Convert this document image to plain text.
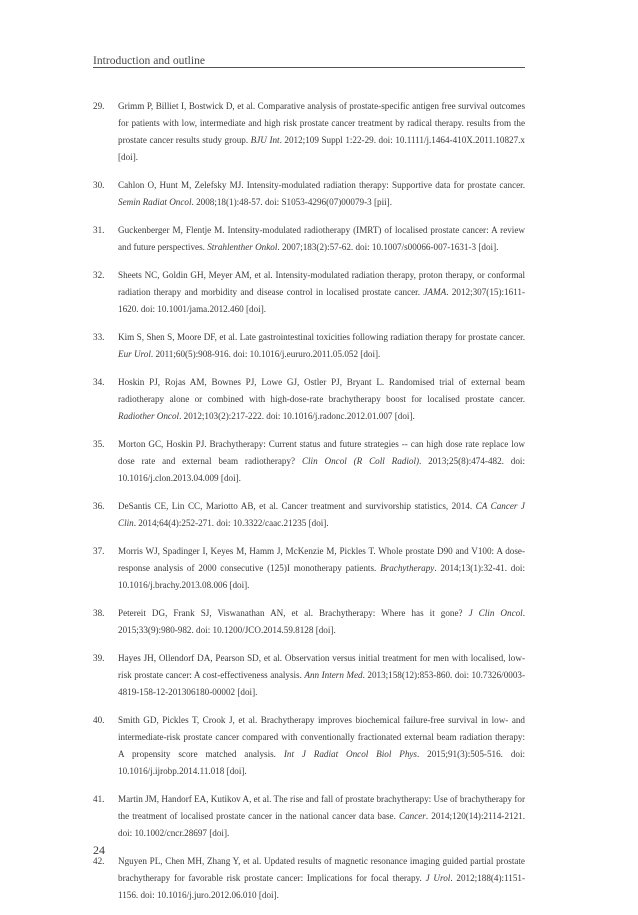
Introduction and outline
29.	Grimm P, Billiet I, Bostwick D, et al. Comparative analysis of prostate-specific antigen free survival outcomes for patients with low, intermediate and high risk prostate cancer treatment by radical therapy. results from the prostate cancer results study group. BJU Int. 2012;109 Suppl 1:22-29. doi: 10.1111/j.1464-410X.2011.10827.x [doi].
30.	Cahlon O, Hunt M, Zelefsky MJ. Intensity-modulated radiation therapy: Supportive data for prostate cancer. Semin Radiat Oncol. 2008;18(1):48-57. doi: S1053-4296(07)00079-3 [pii].
31.	Guckenberger M, Flentje M. Intensity-modulated radiotherapy (IMRT) of localised prostate cancer: A review and future perspectives. Strahlenther Onkol. 2007;183(2):57-62. doi: 10.1007/s00066-007-1631-3 [doi].
32.	Sheets NC, Goldin GH, Meyer AM, et al. Intensity-modulated radiation therapy, proton therapy, or conformal radiation therapy and morbidity and disease control in localised prostate cancer. JAMA. 2012;307(15):1611-1620. doi: 10.1001/jama.2012.460 [doi].
33.	Kim S, Shen S, Moore DF, et al. Late gastrointestinal toxicities following radiation therapy for prostate cancer. Eur Urol. 2011;60(5):908-916. doi: 10.1016/j.eururo.2011.05.052 [doi].
34.	Hoskin PJ, Rojas AM, Bownes PJ, Lowe GJ, Ostler PJ, Bryant L. Randomised trial of external beam radiotherapy alone or combined with high-dose-rate brachytherapy boost for localised prostate cancer. Radiother Oncol. 2012;103(2):217-222. doi: 10.1016/j.radonc.2012.01.007 [doi].
35.	Morton GC, Hoskin PJ. Brachytherapy: Current status and future strategies -- can high dose rate replace low dose rate and external beam radiotherapy? Clin Oncol (R Coll Radiol). 2013;25(8):474-482. doi: 10.1016/j.clon.2013.04.009 [doi].
36.	DeSantis CE, Lin CC, Mariotto AB, et al. Cancer treatment and survivorship statistics, 2014. CA Cancer J Clin. 2014;64(4):252-271. doi: 10.3322/caac.21235 [doi].
37.	Morris WJ, Spadinger I, Keyes M, Hamm J, McKenzie M, Pickles T. Whole prostate D90 and V100: A dose-response analysis of 2000 consecutive (125)I monotherapy patients. Brachytherapy. 2014;13(1):32-41. doi: 10.1016/j.brachy.2013.08.006 [doi].
38.	Petereit DG, Frank SJ, Viswanathan AN, et al. Brachytherapy: Where has it gone? J Clin Oncol. 2015;33(9):980-982. doi: 10.1200/JCO.2014.59.8128 [doi].
39.	Hayes JH, Ollendorf DA, Pearson SD, et al. Observation versus initial treatment for men with localised, low-risk prostate cancer: A cost-effectiveness analysis. Ann Intern Med. 2013;158(12):853-860. doi: 10.7326/0003-4819-158-12-201306180-00002 [doi].
40.	Smith GD, Pickles T, Crook J, et al. Brachytherapy improves biochemical failure-free survival in low- and intermediate-risk prostate cancer compared with conventionally fractionated external beam radiation therapy: A propensity score matched analysis. Int J Radiat Oncol Biol Phys. 2015;91(3):505-516. doi: 10.1016/j.ijrobp.2014.11.018 [doi].
41.	Martin JM, Handorf EA, Kutikov A, et al. The rise and fall of prostate brachytherapy: Use of brachytherapy for the treatment of localised prostate cancer in the national cancer data base. Cancer. 2014;120(14):2114-2121. doi: 10.1002/cncr.28697 [doi].
42.	Nguyen PL, Chen MH, Zhang Y, et al. Updated results of magnetic resonance imaging guided partial prostate brachytherapy for favorable risk prostate cancer: Implications for focal therapy. J Urol. 2012;188(4):1151-1156. doi: 10.1016/j.juro.2012.06.010 [doi].
24
